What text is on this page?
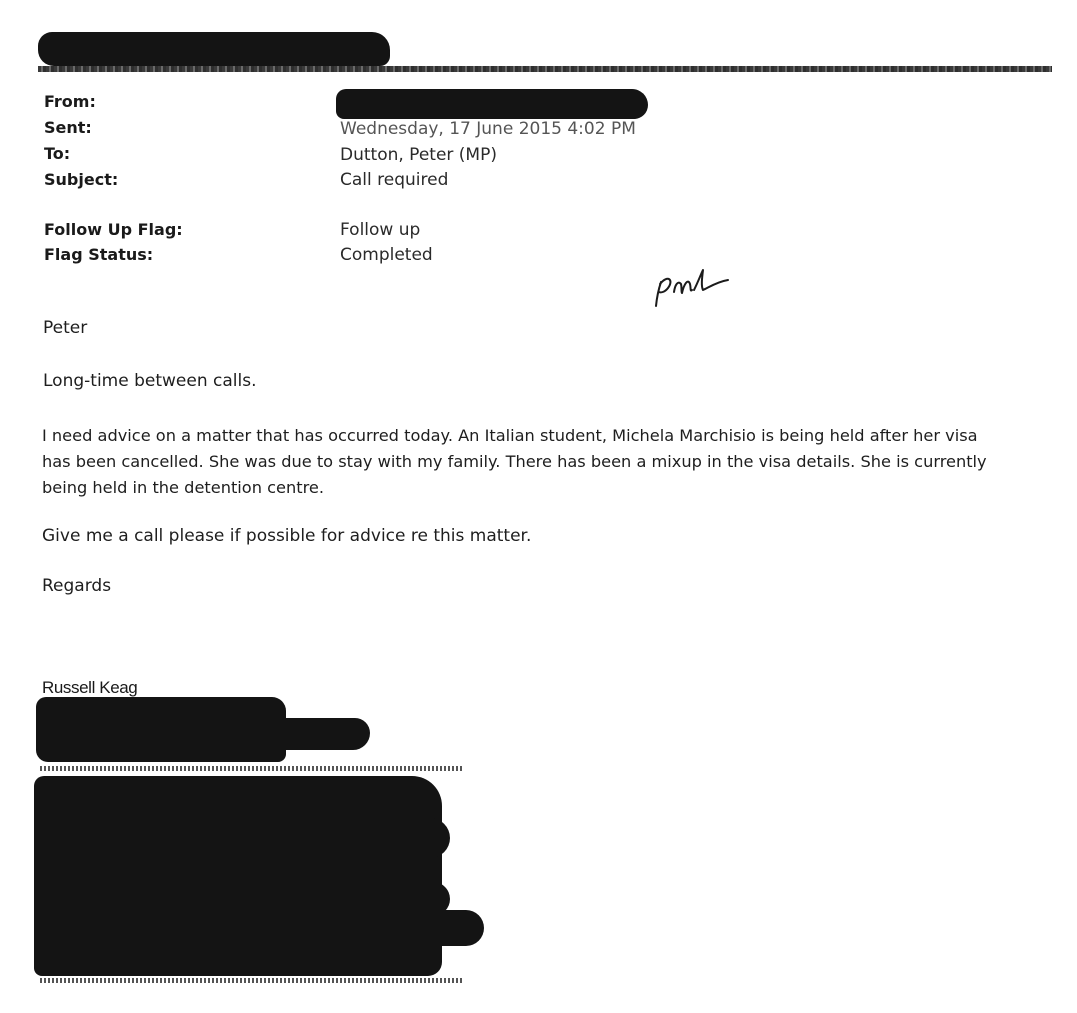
From:
Sent:
To:
Subject:
Follow Up Flag:
Flag Status:
Wednesday, 17 June 2015 4:02 PM
Dutton, Peter (MP)
Call required
Follow up
Completed
Peter
Long-time between calls.
I need advice on a matter that has occurred today. An Italian student, Michela Marchisio is being held after her visa
has been cancelled. She was due to stay with my family. There has been a mixup in the visa details. She is currently
being held in the detention centre.
Give me a call please if possible for advice re this matter.
Regards
Russell Keag
